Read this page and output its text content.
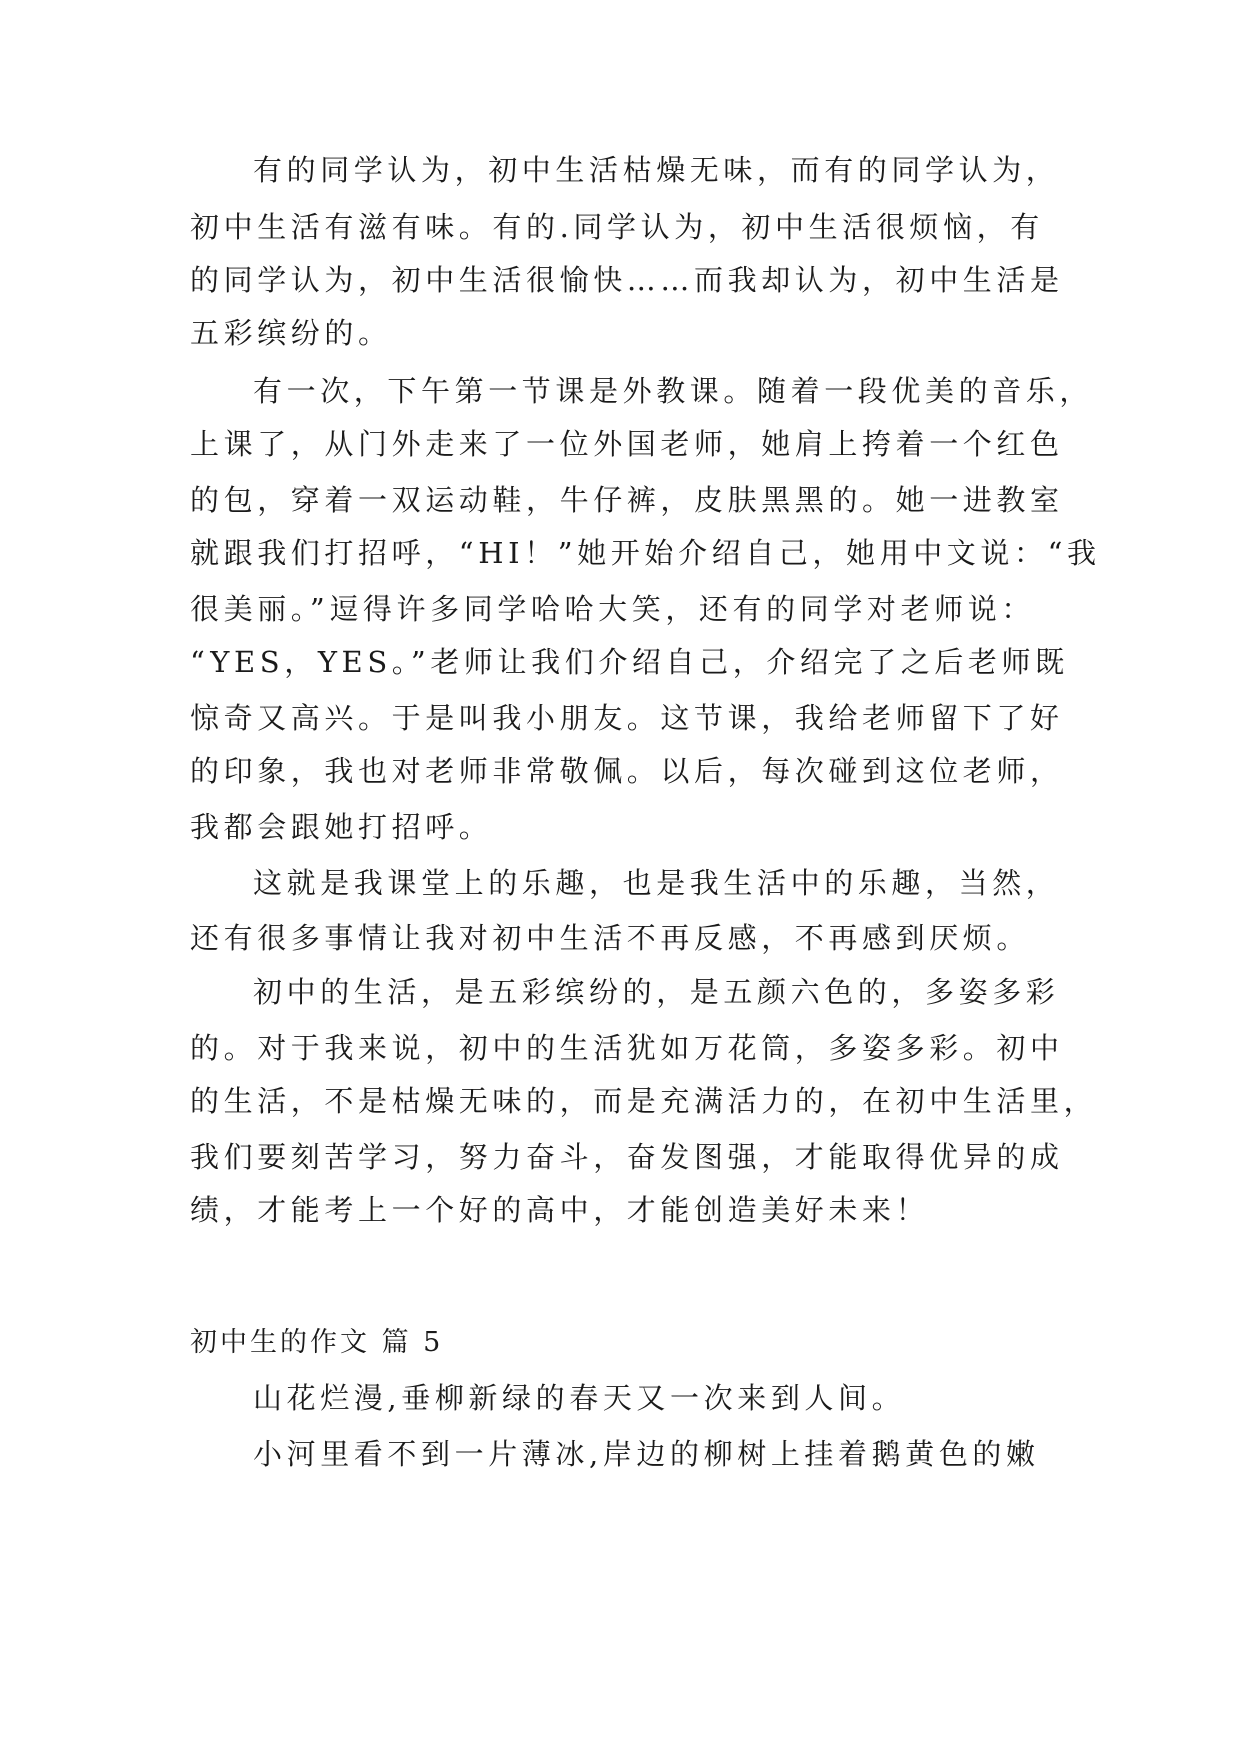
有的同学认为，初中生活枯燥无味，而有的同学认为，
初中生活有滋有味。有的.同学认为，初中生活很烦恼，有
的同学认为，初中生活很愉快……而我却认为，初中生活是
五彩缤纷的。
有一次，下午第一节课是外教课。随着一段优美的音乐，
上课了，从门外走来了一位外国老师，她肩上挎着一个红色
的包，穿着一双运动鞋，牛仔裤，皮肤黑黑的。她一进教室
就跟我们打招呼，“HI！”她开始介绍自己，她用中文说：“我
很美丽。”逗得许多同学哈哈大笑，还有的同学对老师说：
“YES，YES。”老师让我们介绍自己，介绍完了之后老师既
惊奇又高兴。于是叫我小朋友。这节课，我给老师留下了好
的印象，我也对老师非常敬佩。以后，每次碰到这位老师，
我都会跟她打招呼。
这就是我课堂上的乐趣，也是我生活中的乐趣，当然，
还有很多事情让我对初中生活不再反感，不再感到厌烦。
初中的生活，是五彩缤纷的，是五颜六色的，多姿多彩
的。对于我来说，初中的生活犹如万花筒，多姿多彩。初中
的生活，不是枯燥无味的，而是充满活力的，在初中生活里，
我们要刻苦学习，努力奋斗，奋发图强，才能取得优异的成
绩，才能考上一个好的高中，才能创造美好未来！
初中生的作文 篇 5
山花烂漫,垂柳新绿的春天又一次来到人间。
小河里看不到一片薄冰,岸边的柳树上挂着鹅黄色的嫩
